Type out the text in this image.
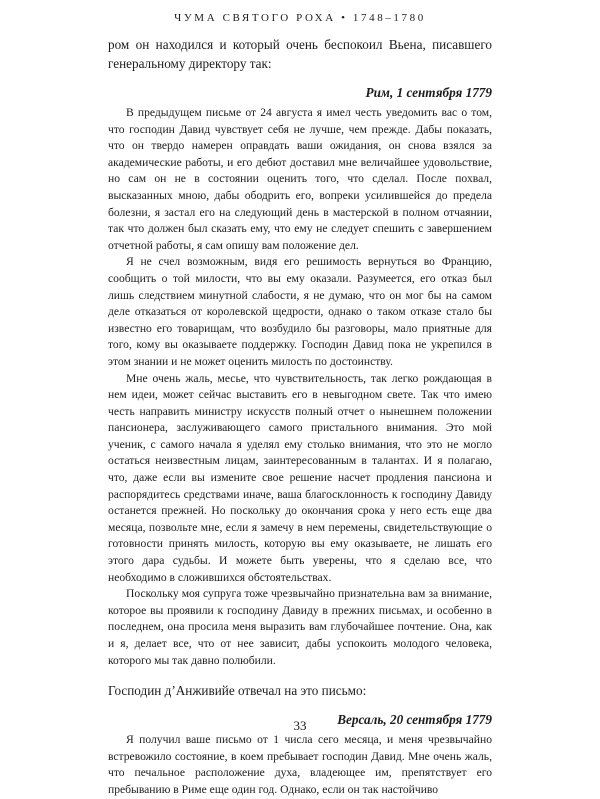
ЧУМА СВЯТОГО РОХА • 1748–1780

ром он находился и который очень беспокоил Вьена, писавшего генеральному директору так:

Рим, 1 сентября 1779

В предыдущем письме от 24 августа я имел честь уведомить вас о том, что господин Давид чувствует себя не лучше, чем прежде. Дабы показать, что он твердо намерен оправдать ваши ожидания, он снова взялся за академические работы, и его дебют доставил мне величайшее удовольствие, но сам он не в состоянии оценить того, что сделал. После похвал, высказанных мною, дабы ободрить его, вопреки усилившейся до предела болезни, я застал его на следующий день в мастерской в полном отчаянии, так что должен был сказать ему, что ему не следует спешить с завершением отчетной работы, я сам опишу вам положение дел.

Я не счел возможным, видя его решимость вернуться во Францию, сообщить о той милости, что вы ему оказали. Разумеется, его отказ был лишь следствием минутной слабости, я не думаю, что он мог бы на самом деле отказаться от королевской щедрости, однако о таком отказе стало бы известно его товарищам, что возбудило бы разговоры, мало приятные для того, кому вы оказываете поддержку. Господин Давид пока не укрепился в этом знании и не может оценить милость по достоинству.

Мне очень жаль, месье, что чувствительность, так легко рождающая в нем идеи, может сейчас выставить его в невыгодном свете. Так что имею честь направить министру искусств полный отчет о нынешнем положении пансионера, заслуживающего самого пристального внимания. Это мой ученик, с самого начала я уделял ему столько внимания, что это не могло остаться неизвестным лицам, заинтересованным в талантах. И я полагаю, что, даже если вы измените свое решение насчет продления пансиона и распорядитесь средствами иначе, ваша благосклонность к господину Давиду останется прежней. Но поскольку до окончания срока у него есть еще два месяца, позвольте мне, если я замечу в нем перемены, свидетельствующие о готовности принять милость, которую вы ему оказываете, не лишать его этого дара судьбы. И можете быть уверены, что я сделаю все, что необходимо в сложившихся обстоятельствах.

Поскольку моя супруга тоже чрезвычайно признательна вам за внимание, которое вы проявили к господину Давиду в прежних письмах, и особенно в последнем, она просила меня выразить вам глубочайшее почтение. Она, как и я, делает все, что от нее зависит, дабы успокоить молодого человека, которого мы так давно полюбили.

Господин д’Анживийе отвечал на это письмо:

Версаль, 20 сентября 1779

Я получил ваше письмо от 1 числа сего месяца, и меня чрезвычайно встревожило состояние, в коем пребывает господин Давид. Мне очень жаль, что печальное расположение духа, владеющее им, препятствует его пребыванию в Риме еще один год. Однако, если он так настойчиво

33
